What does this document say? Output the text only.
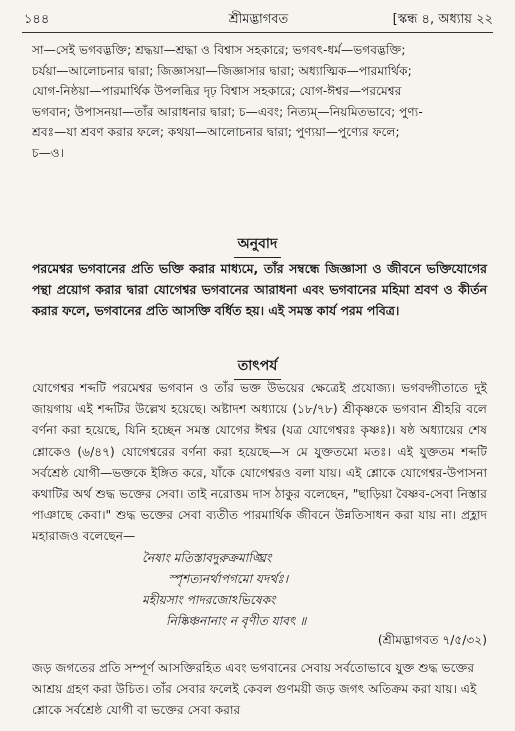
১৪৪	শ্রীমদ্ভাগবত	[স্কন্ধ ৪, অধ্যায় ২২
সা—সেই ভগবদ্ভক্তি; শ্রদ্ধয়া—শ্রদ্ধা ও বিশ্বাস সহকারে; ভগবৎ-ধর্ম—ভগবদ্ভক্তি;
চর্যয়া—আলোচনার দ্বারা; জিজ্ঞাসয়া—জিজ্ঞাসার দ্বারা; অধ্যাত্মিক—পারমার্থিক;
যোগ-নিষ্ঠয়া—পারমার্থিক উপলব্ধির দৃঢ় বিশ্বাস সহকারে; যোগ-ঈশ্বর—পরমেশ্বর
ভগবান; উপাসনয়া—তাঁর আরাধনার দ্বারা; চ—এবং; নিত্যম্—নিয়মিতভাবে; পুণ্য-
শ্রবঃ—যা শ্রবণ করার ফলে; কথয়া—আলোচনার দ্বারা; পুণ্যয়া—পুণ্যের ফলে;
চ—ও।
অনুবাদ
পরমেশ্বর ভগবানের প্রতি ভক্তি করার মাধ্যমে, তাঁর সম্বন্ধে জিজ্ঞাসা ও জীবনে ভক্তিযোগের পন্থা প্রয়োগ করার দ্বারা যোগেশ্বর ভগবানের আরাধনা এবং ভগবানের মহিমা শ্রবণ ও কীর্তন করার ফলে, ভগবানের প্রতি আসক্তি বর্ধিত হয়। এই সমস্ত কার্য পরম পবিত্র।
তাৎপর্য

যোগেশ্বর শব্দটি পরমেশ্বর ভগবান ও তাঁর ভক্ত উভয়ের ক্ষেত্রেই প্রযোজ্য। ভগবদ্গীতাতে দুই জায়গায় এই শব্দটির উল্লেখ হয়েছে। অষ্টাদশ অধ্যায়ে (১৮/৭৮) শ্রীকৃষ্ণকে ভগবান শ্রীহরি বলে বর্ণনা করা হয়েছে, যিনি হচ্ছেন সমস্ত যোগের ঈশ্বর (যত্র যোগেশ্বরঃ কৃষ্ণঃ)। ষষ্ঠ অধ্যায়ের শেষ শ্লোকেও (৬/৪৭) যোগেশ্বরের বর্ণনা করা হয়েছে—স মে যুক্ততমো মতঃ। এই যুক্ততম শব্দটি সর্বশ্রেষ্ঠ যোগী—ভক্তকে ইঙ্গিত করে, যাঁকে যোগেশ্বরও বলা যায়। এই শ্লোকে যোগেশ্বর-উপাসনা কথাটির অর্থ শুদ্ধ ভক্তের সেবা। তাই নরোত্তম দাস ঠাকুর বলেছেন, "ছাড়িয়া বৈষ্ণব-সেবা নিস্তার পাঞাছে কেবা।" শুদ্ধ ভক্তের সেবা ব্যতীত পারমার্থিক জীবনে উন্নতিসাধন করা যায় না। প্রহ্লাদ মহারাজও বলেছেন—

নৈষাং মতিস্তাবদুরুক্রমাঙ্ঘ্রিং
স্পৃশত্যনর্থাপগমো যদর্থঃ।
মহীয়সাং পাদরজোঽভিষেকং
নিষ্কিঞ্চনানাং ন বৃণীত যাবৎ ॥
(শ্রীমদ্ভাগবত ৭/৫/৩২)
জড় জগতের প্রতি সম্পূর্ণ আসক্তিরহিত এবং ভগবানের সেবায় সর্বতোভাবে যুক্ত শুদ্ধ ভক্তের আশ্রয় গ্রহণ করা উচিত। তাঁর সেবার ফলেই কেবল গুণময়ী জড় জগৎ অতিক্রম করা যায়। এই শ্লোকে সর্বশ্রেষ্ঠ যোগী বা ভক্তের সেবা করার
